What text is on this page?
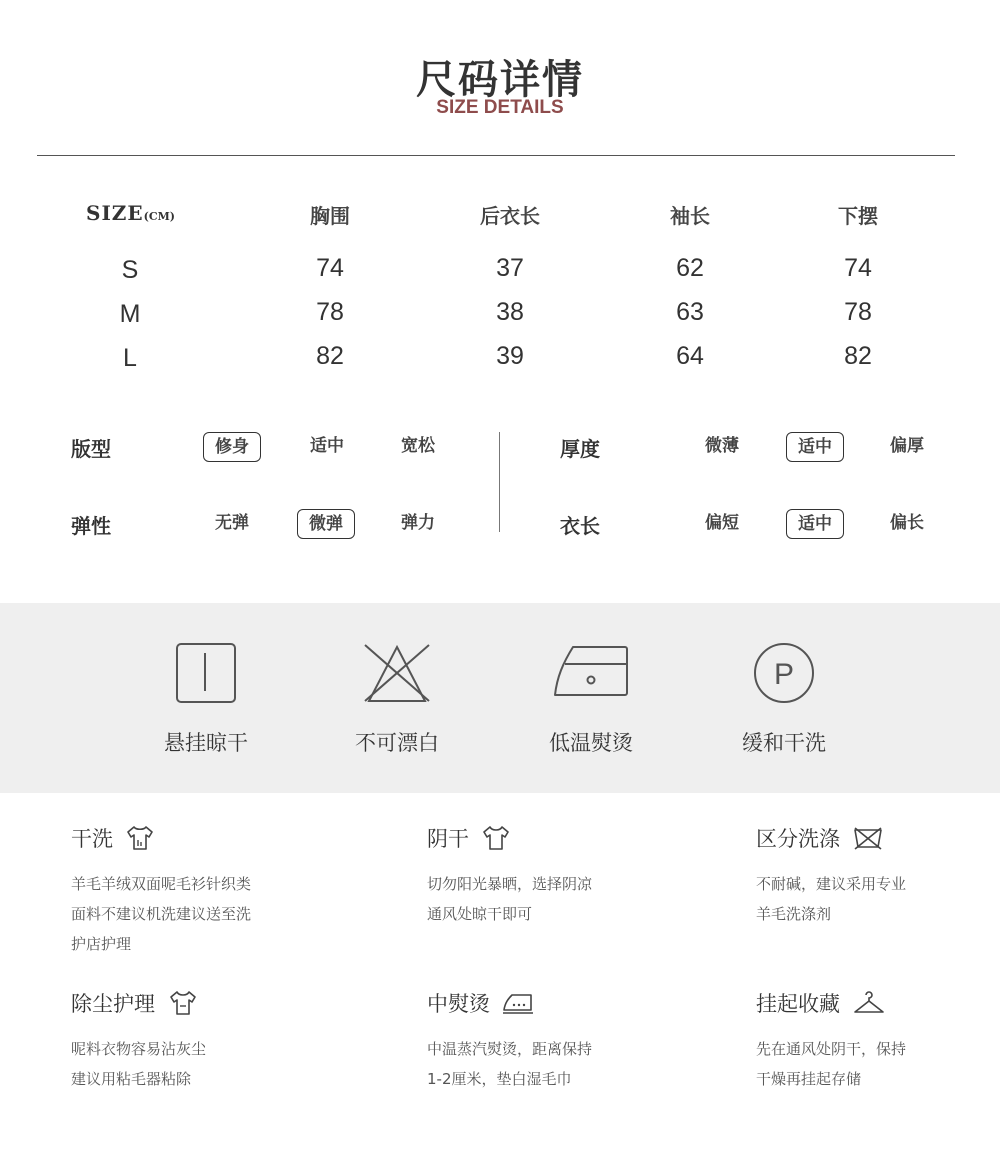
尺码详情
SIZE DETAILS
SIZE(CM)	胸围	后衣长	袖长	下摆
S	74	37	62	74
M	78	38	63	78
L	82	39	64	82
版型	修身	适中	宽松
弹性	无弹	微弹	弹力
厚度	微薄	适中	偏厚
衣长	偏短	适中	偏长
悬挂晾干	不可漂白	低温熨烫
P
缓和干洗
干洗
羊毛羊绒双面呢毛衫针织类
面料不建议机洗建议送至洗
护店护理
阴干
切勿阳光暴晒，选择阴凉
通风处晾干即可
区分洗涤
不耐碱，建议采用专业
羊毛洗涤剂
除尘护理
呢料衣物容易沾灰尘
建议用粘毛器粘除
中熨烫
中温蒸汽熨烫，距离保持
1-2厘米，垫白湿毛巾
挂起收藏
先在通风处阴干，保持
干燥再挂起存储
